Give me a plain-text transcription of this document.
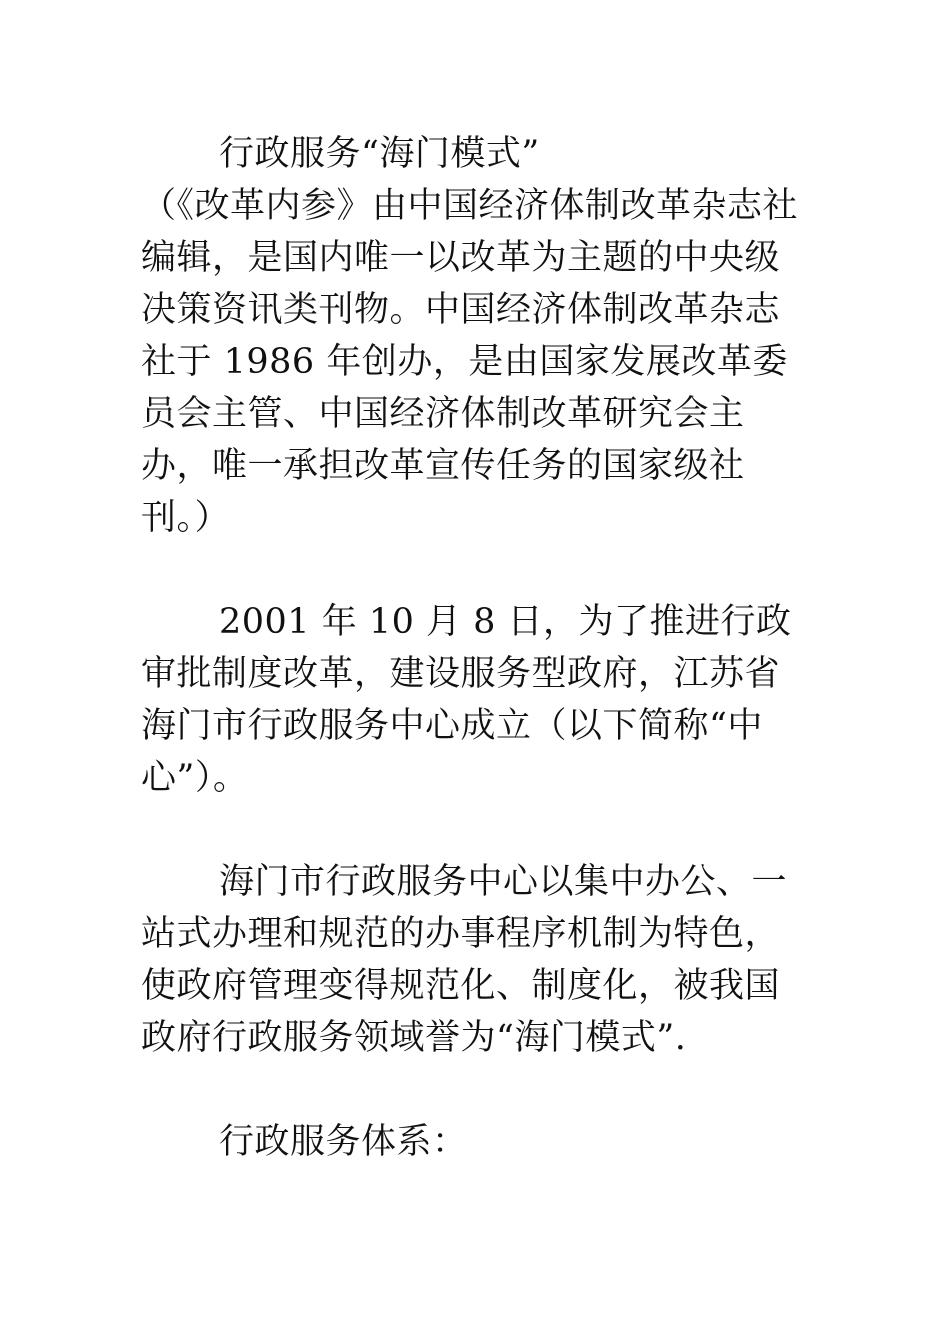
行政服务“海门模式”

（《改革内参》由中国经济体制改革杂志社编辑，是国内唯一以改革为主题的中央级决策资讯类刊物。中国经济体制改革杂志社于 1986 年创办，是由国家发展改革委员会主管、中国经济体制改革研究会主办，唯一承担改革宣传任务的国家级社刊。）

2001 年 10 月 8 日，为了推进行政审批制度改革，建设服务型政府，江苏省海门市行政服务中心成立（以下简称“中心”）。

海门市行政服务中心以集中办公、一站式办理和规范的办事程序机制为特色，使政府管理变得规范化、制度化，被我国政府行政服务领域誉为“海门模式”.

行政服务体系：
